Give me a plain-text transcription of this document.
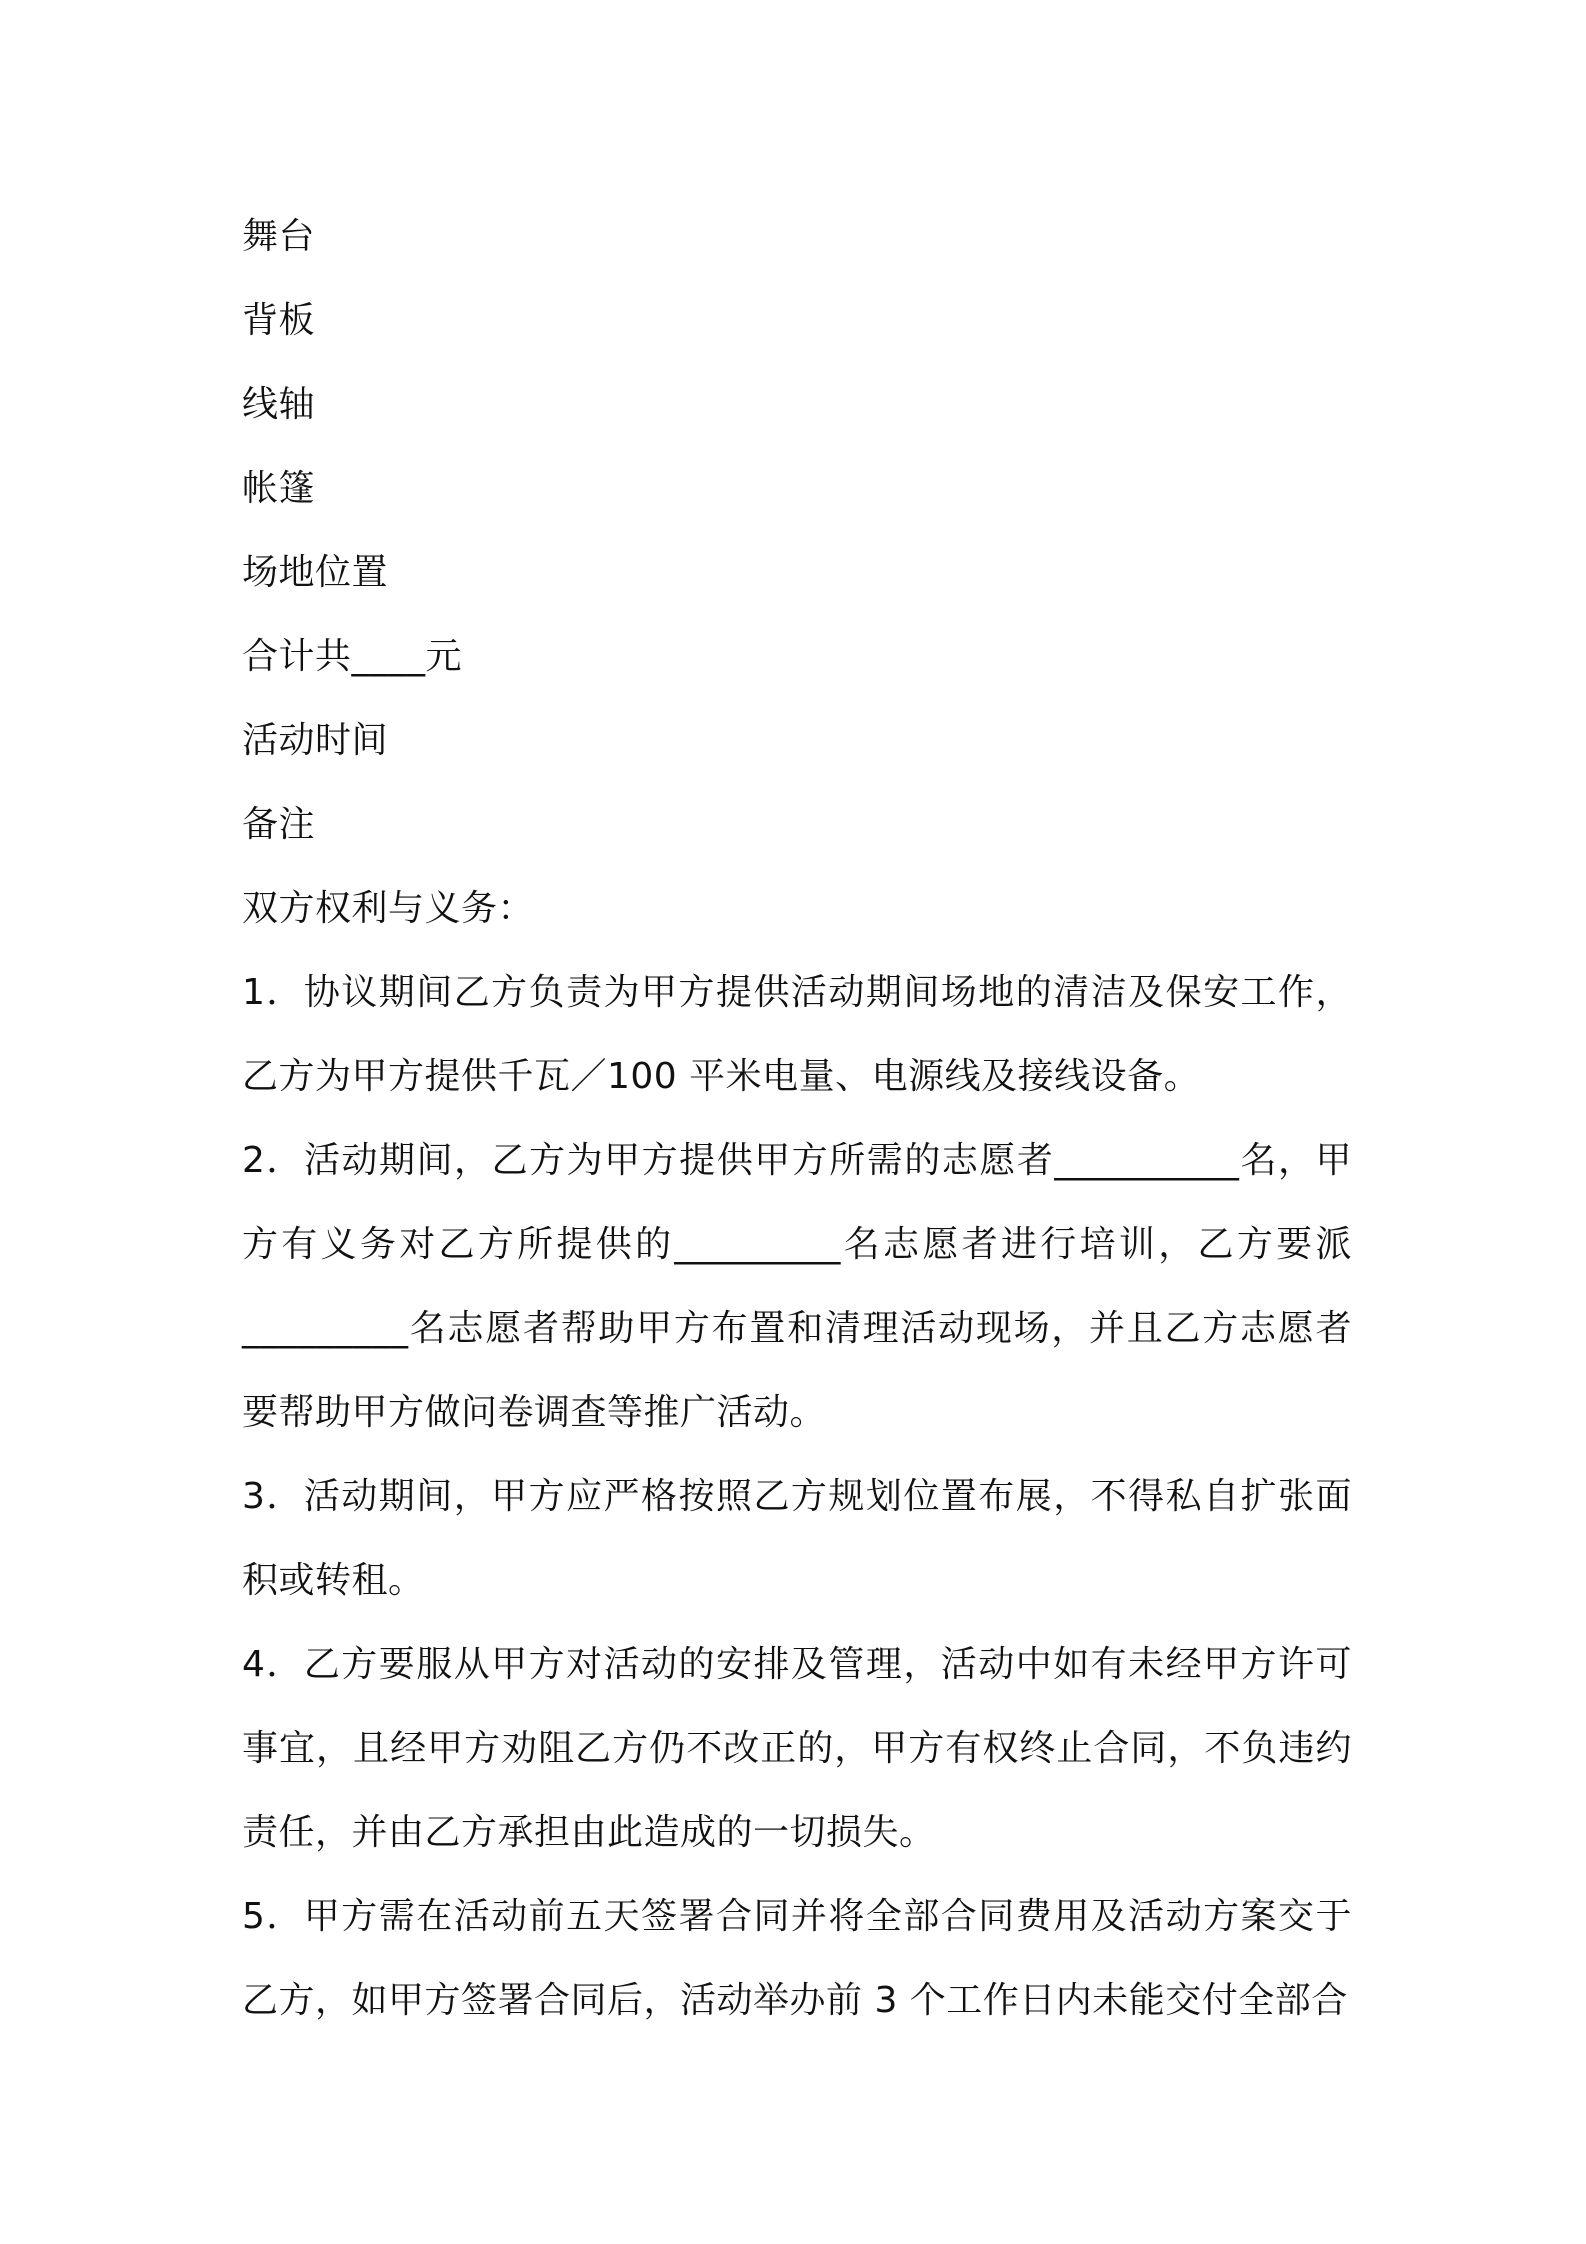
舞台
背板
线轴
帐篷
场地位置
合计共____元
活动时间
备注
双方权利与义务：
1．协议期间乙方负责为甲方提供活动期间场地的清洁及保安工作，乙方为甲方提供千瓦／100 平米电量、电源线及接线设备。
2．活动期间，乙方为甲方提供甲方所需的志愿者__________名，甲方有义务对乙方所提供的_________名志愿者进行培训，乙方要派_________名志愿者帮助甲方布置和清理活动现场，并且乙方志愿者要帮助甲方做问卷调查等推广活动。
3．活动期间，甲方应严格按照乙方规划位置布展，不得私自扩张面积或转租。
4．乙方要服从甲方对活动的安排及管理，活动中如有未经甲方许可事宜，且经甲方劝阻乙方仍不改正的，甲方有权终止合同，不负违约责任，并由乙方承担由此造成的一切损失。
5．甲方需在活动前五天签署合同并将全部合同费用及活动方案交于乙方，如甲方签署合同后，活动举办前 3 个工作日内未能交付全部合
